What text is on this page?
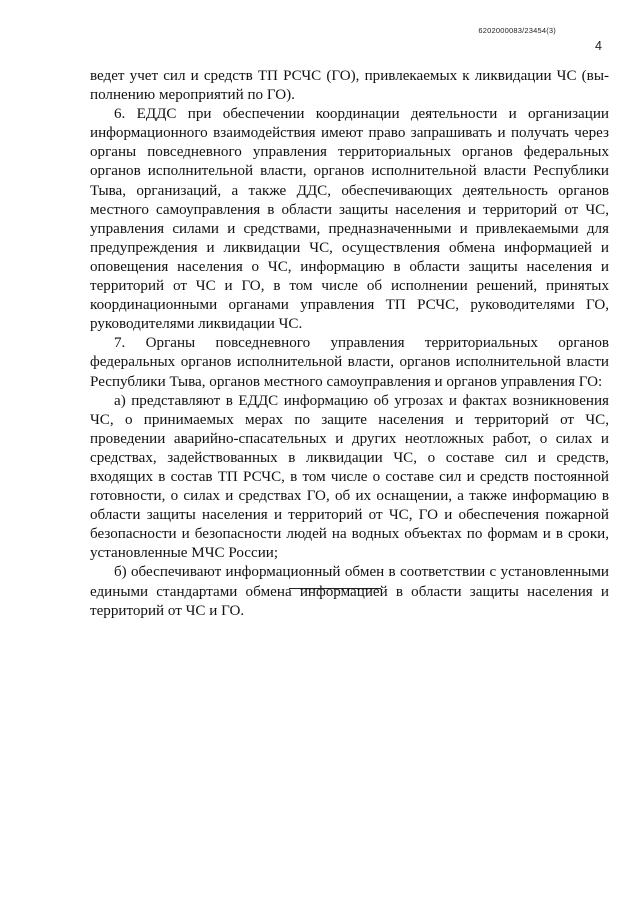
6202000083/23454(3)
4

ведет учет сил и средств ТП РСЧС (ГО), привлекаемых к ликвидации ЧС (выполнению мероприятий по ГО).

6. ЕДДС при обеспечении координации деятельности и организации информационного взаимодействия имеют право запрашивать и получать через органы повседневного управления территориальных органов федеральных органов исполнительной власти, органов исполнительной власти Республики Тыва, организаций, а также ДДС, обеспечивающих деятельность органов местного самоуправления в области защиты населения и территорий от ЧС, управления силами и средствами, предназначенными и привлекаемыми для предупреждения и ликвидации ЧС, осуществления обмена информацией и оповещения населения о ЧС, информацию в области защиты населения и территорий от ЧС и ГО, в том числе об исполнении решений, принятых координационными органами управления ТП РСЧС, руководителями ГО, руководителями ликвидации ЧС.

7. Органы повседневного управления территориальных органов федеральных органов исполнительной власти, органов исполнительной власти Республики Тыва, органов местного самоуправления и органов управления ГО:

а) представляют в ЕДДС информацию об угрозах и фактах возникновения ЧС, о принимаемых мерах по защите населения и территорий от ЧС, проведении аварийно-спасательных и других неотложных работ, о силах и средствах, задействованных в ликвидации ЧС, о составе сил и средств, входящих в состав ТП РСЧС, в том числе о составе сил и средств постоянной готовности, о силах и средствах ГО, об их оснащении, а также информацию в области защиты населения и территорий от ЧС, ГО и обеспечения пожарной безопасности и безопасности людей на водных объектах по формам и в сроки, установленные МЧС России;

б) обеспечивают информационный обмен в соответствии с установленными едиными стандартами обмена информацией в области защиты населения и территорий от ЧС и ГО.
